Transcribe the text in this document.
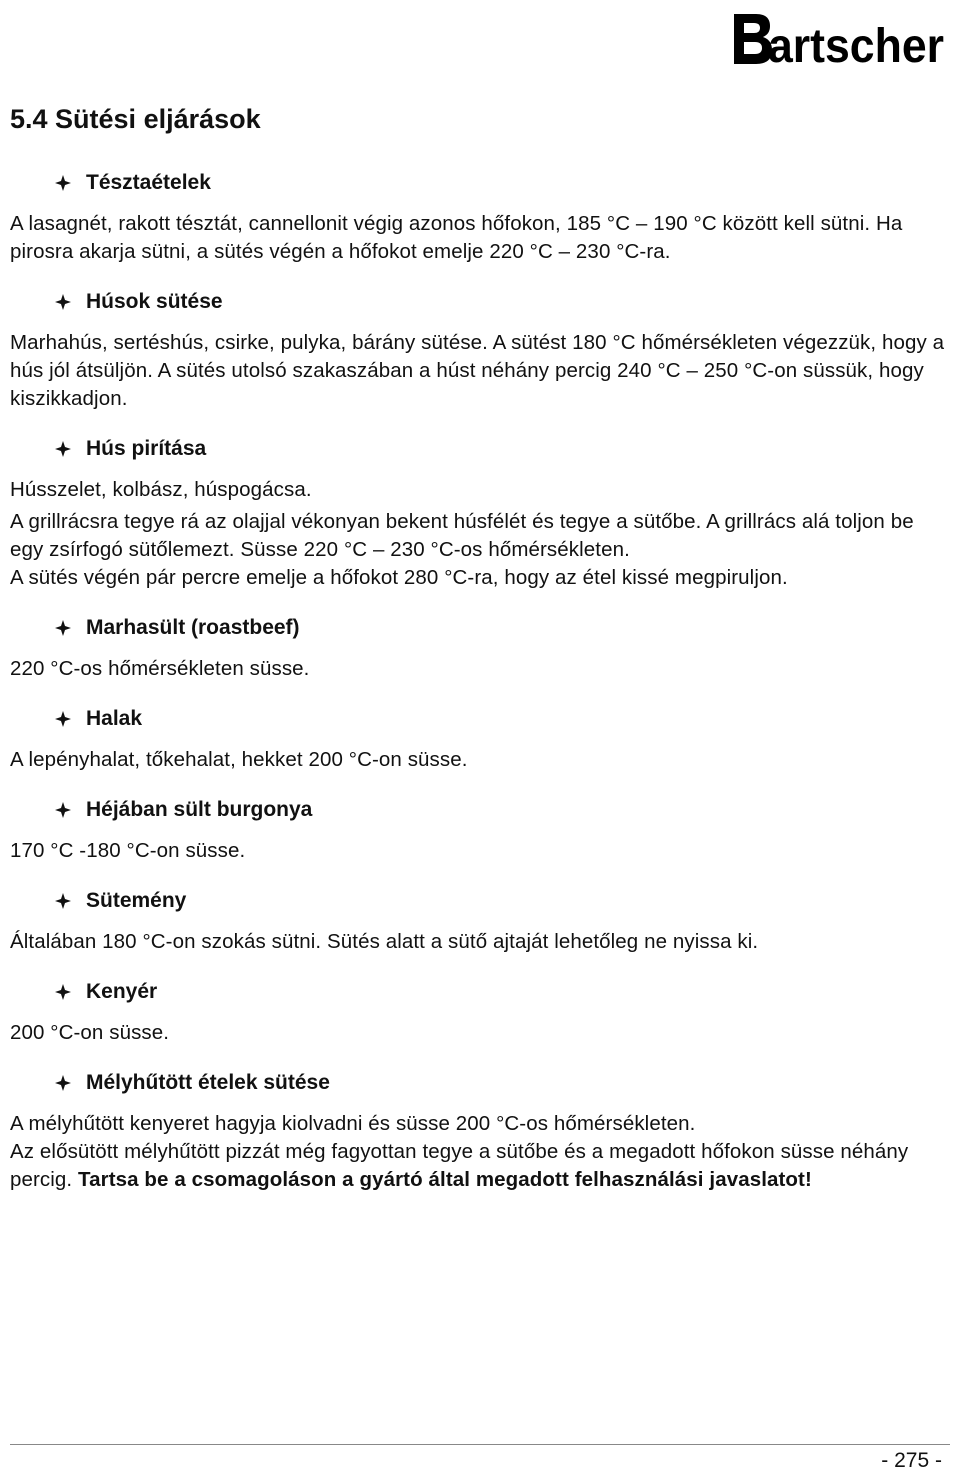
artscher
5.4 Sütési eljárások
Tésztaételek

A lasagnét, rakott tésztát, cannellonit végig azonos hőfokon, 185 °C – 190 °C között kell sütni. Ha pirosra akarja sütni, a sütés végén a hőfokot emelje 220 °C – 230 °C-ra.

Húsok sütése

Marhahús, sertéshús, csirke, pulyka, bárány sütése. A sütést 180 °C hőmérsékleten végezzük, hogy a hús jól átsüljön. A sütés utolsó szakaszában a húst néhány percig 240 °C – 250 °C-on süssük, hogy kiszikkadjon.

Hús pirítása

Hússzelet, kolbász, húspogácsa.

A grillrácsra tegye rá az olajjal vékonyan bekent húsfélét és tegye a sütőbe. A grillrács alá toljon be egy zsírfogó sütőlemezt. Süsse 220 °C – 230 °C-os hőmérsékleten.

A sütés végén pár percre emelje a hőfokot 280 °C-ra, hogy az étel kissé megpiruljon.

Marhasült (roastbeef)

220 °C-os hőmérsékleten süsse.

Halak

A lepényhalat, tőkehalat, hekket 200 °C-on süsse.

Héjában sült burgonya

170 °C -180 °C-on süsse.

Sütemény

Általában 180 °C-on szokás sütni. Sütés alatt a sütő ajtaját lehetőleg ne nyissa ki.

Kenyér

200 °C-on süsse.

Mélyhűtött ételek sütése

A mélyhűtött kenyeret hagyja kiolvadni és süsse 200 °C-os hőmérsékleten.

Az elősütött mélyhűtött pizzát még fagyottan tegye a sütőbe és a megadott hőfokon süsse néhány percig. Tartsa be a csomagoláson a gyártó által megadott felhasználási javaslatot!

- 275 -
